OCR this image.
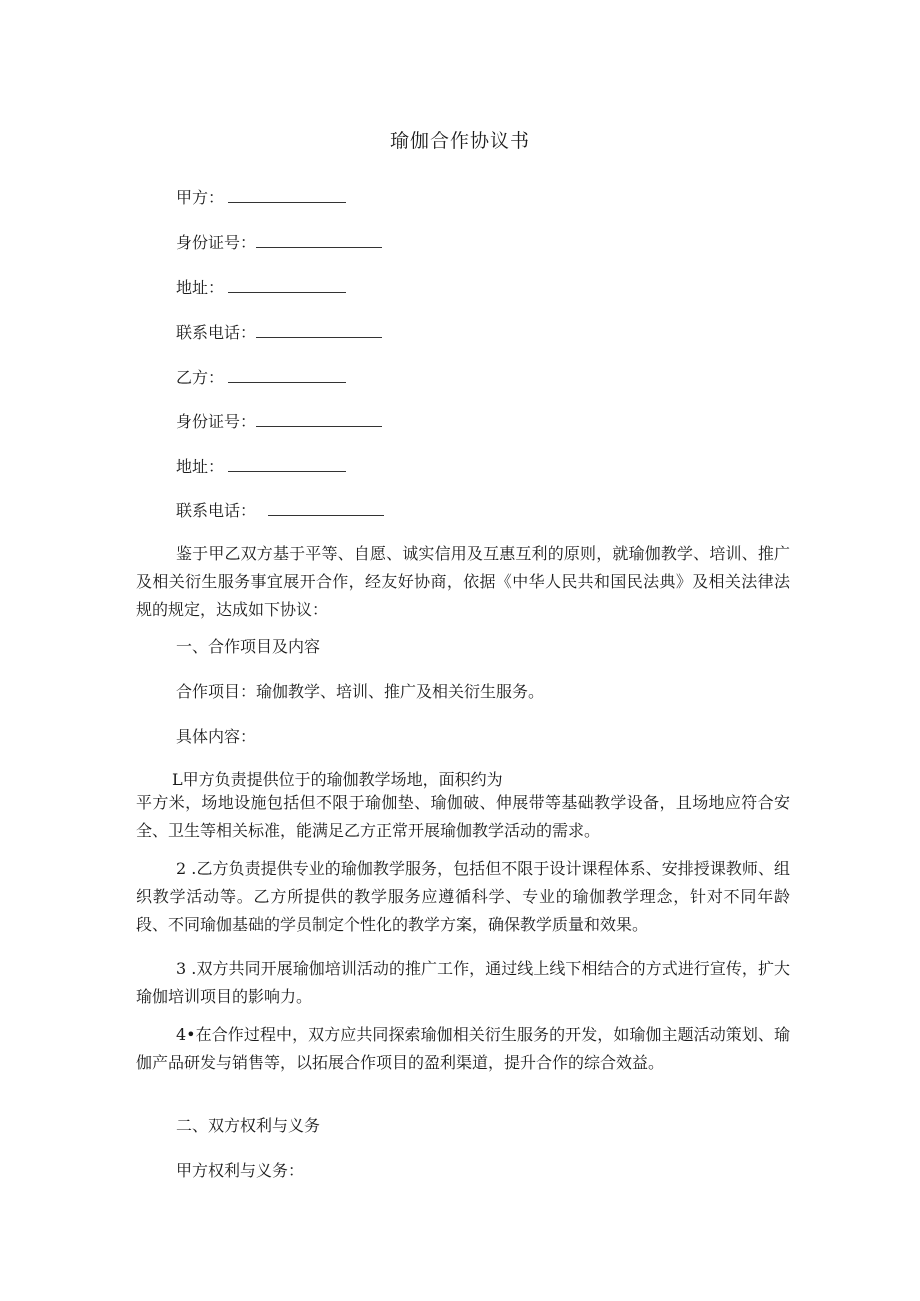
瑜伽合作协议书
甲方：
身份证号：
地址：
联系电话：
乙方：
身份证号：
地址：
联系电话：

鉴于甲乙双方基于平等、自愿、诚实信用及互惠互利的原则，就瑜伽教学、培训、推广及相关衍生服务事宜展开合作，经友好协商，依据《中华人民共和国民法典》及相关法律法规的规定，达成如下协议：

一、合作项目及内容
合作项目：瑜伽教学、培训、推广及相关衍生服务。
具体内容：
L甲方负责提供位于的瑜伽教学场地，面积约为

平方米，场地设施包括但不限于瑜伽垫、瑜伽破、伸展带等基础教学设备，且场地应符合安全、卫生等相关标准，能满足乙方正常开展瑜伽教学活动的需求。

2 .乙方负责提供专业的瑜伽教学服务，包括但不限于设计课程体系、安排授课教师、组织教学活动等。乙方所提供的教学服务应遵循科学、专业的瑜伽教学理念，针对不同年龄段、不同瑜伽基础的学员制定个性化的教学方案，确保教学质量和效果。

3 .双方共同开展瑜伽培训活动的推广工作，通过线上线下相结合的方式进行宣传，扩大瑜伽培训项目的影响力。

4•在合作过程中，双方应共同探索瑜伽相关衍生服务的开发，如瑜伽主题活动策划、瑜伽产品研发与销售等，以拓展合作项目的盈利渠道，提升合作的综合效益。

二、双方权利与义务
甲方权利与义务：
